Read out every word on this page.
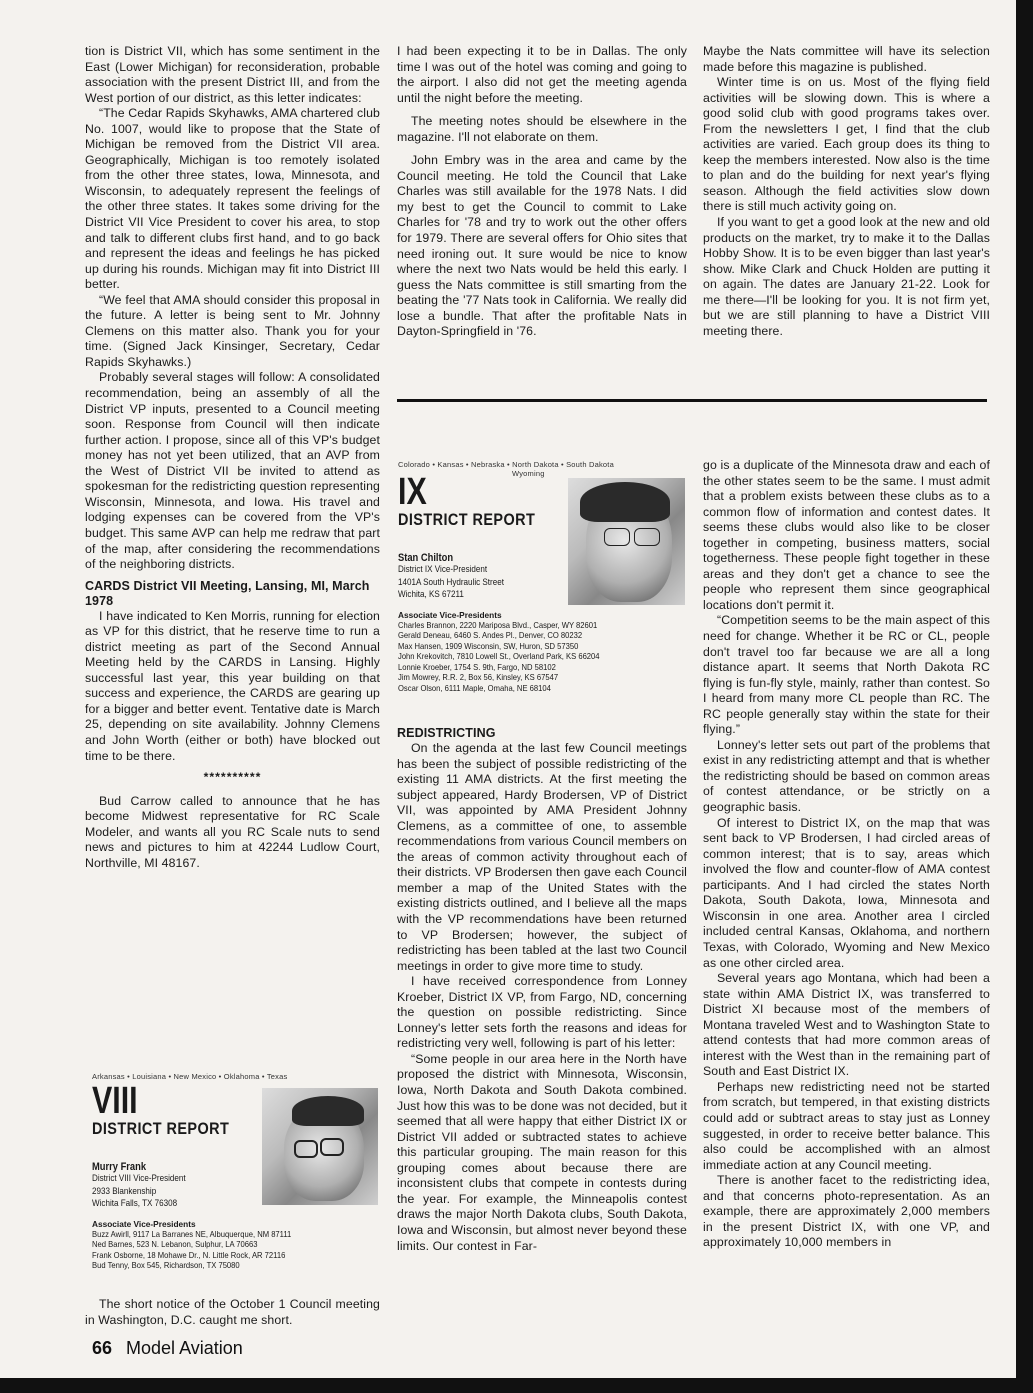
tion is District VII, which has some sentiment in the East (Lower Michigan) for reconsideration, probable association with the present District III, and from the West portion of our district, as this letter indicates:

“The Cedar Rapids Skyhawks, AMA chartered club No. 1007, would like to propose that the State of Michigan be removed from the District VII area. Geographically, Michigan is too remotely isolated from the other three states, Iowa, Minnesota, and Wisconsin, to adequately represent the feelings of the other three states. It takes some driving for the District VII Vice President to cover his area, to stop and talk to different clubs first hand, and to go back and represent the ideas and feelings he has picked up during his rounds. Michigan may fit into District III better.

“We feel that AMA should consider this proposal in the future. A letter is being sent to Mr. Johnny Clemens on this matter also. Thank you for your time. (Signed Jack Kinsinger, Secretary, Cedar Rapids Skyhawks.)

Probably several stages will follow: A consolidated recommendation, being an assembly of all the District VP inputs, presented to a Council meeting soon. Response from Council will then indicate further action. I propose, since all of this VP's budget money has not yet been utilized, that an AVP from the West of District VII be invited to attend as spokesman for the redistricting question representing Wisconsin, Minnesota, and Iowa. His travel and lodging expenses can be covered from the VP's budget. This same AVP can help me redraw that part of the map, after considering the recommendations of the neighboring districts.

CARDS District VII Meeting, Lansing, MI, March 1978

I have indicated to Ken Morris, running for election as VP for this district, that he reserve time to run a district meeting as part of the Second Annual Meeting held by the CARDS in Lansing. Highly successful last year, this year building on that success and experience, the CARDS are gearing up for a bigger and better event. Tentative date is March 25, depending on site availability. Johnny Clemens and John Worth (either or both) have blocked out time to be there.

**********

Bud Carrow called to announce that he has become Midwest representative for RC Scale Modeler, and wants all you RC Scale nuts to send news and pictures to him at 42244 Ludlow Court, Northville, MI 48167.

Arkansas • Louisiana • New Mexico • Oklahoma • Texas
VIII
DISTRICT REPORT
Murry Frank
District VIII Vice-President
2933 Blankenship
Wichita Falls, TX 76308
Associate Vice-Presidents
Buzz Awirll, 9117 La Barranes NE, Albuquerque, NM 87111
Ned Barnes, 523 N. Lebanon, Sulphur, LA 70663
Frank Osborne, 18 Mohawe Dr., N. Little Rock, AR 72116
Bud Tenny, Box 545, Richardson, TX 75080

The short notice of the October 1 Council meeting in Washington, D.C. caught me short.

I had been expecting it to be in Dallas. The only time I was out of the hotel was coming and going to the airport. I also did not get the meeting agenda until the night before the meeting.

The meeting notes should be elsewhere in the magazine. I'll not elaborate on them.

John Embry was in the area and came by the Council meeting. He told the Council that Lake Charles was still available for the 1978 Nats. I did my best to get the Council to commit to Lake Charles for '78 and try to work out the other offers for 1979. There are several offers for Ohio sites that need ironing out. It sure would be nice to know where the next two Nats would be held this early. I guess the Nats committee is still smarting from the beating the '77 Nats took in California. We really did lose a bundle. That after the profitable Nats in Dayton-Springfield in '76.

Maybe the Nats committee will have its selection made before this magazine is published.

Winter time is on us. Most of the flying field activities will be slowing down. This is where a good solid club with good programs takes over. From the newsletters I get, I find that the club activities are varied. Each group does its thing to keep the members interested. Now also is the time to plan and do the building for next year's flying season. Although the field activities slow down there is still much activity going on.

If you want to get a good look at the new and old products on the market, try to make it to the Dallas Hobby Show. It is to be even bigger than last year's show. Mike Clark and Chuck Holden are putting it on again. The dates are January 21-22. Look for me there—I'll be looking for you. It is not firm yet, but we are still planning to have a District VIII meeting there.

Colorado • Kansas • Nebraska • North Dakota • South Dakota
Wyoming
IX
DISTRICT REPORT
Stan Chilton
District IX Vice-President
1401A South Hydraulic Street
Wichita, KS 67211
Associate Vice-Presidents
Charles Brannon, 2220 Mariposa Blvd., Casper, WY 82601
Gerald Deneau, 6460 S. Andes Pl., Denver, CO 80232
Max Hansen, 1909 Wisconsin, SW, Huron, SD 57350
John Krekovitch, 7810 Lowell St., Overland Park, KS 66204
Lonnie Kroeber, 1754 S. 9th, Fargo, ND 58102
Jim Mowrey, R.R. 2, Box 56, Kinsley, KS 67547
Oscar Olson, 6111 Maple, Omaha, NE 68104
REDISTRICTING

On the agenda at the last few Council meetings has been the subject of possible redistricting of the existing 11 AMA districts. At the first meeting the subject appeared, Hardy Brodersen, VP of District VII, was appointed by AMA President Johnny Clemens, as a committee of one, to assemble recommendations from various Council members on the areas of common activity throughout each of their districts. VP Brodersen then gave each Council member a map of the United States with the existing districts outlined, and I believe all the maps with the VP recommendations have been returned to VP Brodersen; however, the subject of redistricting has been tabled at the last two Council meetings in order to give more time to study.

I have received correspondence from Lonney Kroeber, District IX VP, from Fargo, ND, concerning the question on possible redistricting. Since Lonney's letter sets forth the reasons and ideas for redistricting very well, following is part of his letter:

“Some people in our area here in the North have proposed the district with Minnesota, Wisconsin, Iowa, North Dakota and South Dakota combined. Just how this was to be done was not decided, but it seemed that all were happy that either District IX or District VII added or subtracted states to achieve this particular grouping. The main reason for this grouping comes about because there are inconsistent clubs that compete in contests during the year. For example, the Minneapolis contest draws the major North Dakota clubs, South Dakota, Iowa and Wisconsin, but almost never beyond these limits. Our contest in Far-

go is a duplicate of the Minnesota draw and each of the other states seem to be the same. I must admit that a problem exists between these clubs as to a common flow of information and contest dates. It seems these clubs would also like to be closer together in competing, business matters, social togetherness. These people fight together in these areas and they don't get a chance to see the people who represent them since geographical locations don't permit it.

“Competition seems to be the main aspect of this need for change. Whether it be RC or CL, people don't travel too far because we are all a long distance apart. It seems that North Dakota RC flying is fun-fly style, mainly, rather than contest. So I heard from many more CL people than RC. The RC people generally stay within the state for their flying.”

Lonney's letter sets out part of the problems that exist in any redistricting attempt and that is whether the redistricting should be based on common areas of contest attendance, or be strictly on a geographic basis.

Of interest to District IX, on the map that was sent back to VP Brodersen, I had circled areas of common interest; that is to say, areas which involved the flow and counter-flow of AMA contest participants. And I had circled the states North Dakota, South Dakota, Iowa, Minnesota and Wisconsin in one area. Another area I circled included central Kansas, Oklahoma, and northern Texas, with Colorado, Wyoming and New Mexico as one other circled area.

Several years ago Montana, which had been a state within AMA District IX, was transferred to District XI because most of the members of Montana traveled West and to Washington State to attend contests that had more common areas of interest with the West than in the remaining part of South and East District IX.

Perhaps new redistricting need not be started from scratch, but tempered, in that existing districts could add or subtract areas to stay just as Lonney suggested, in order to receive better balance. This also could be accomplished with an almost immediate action at any Council meeting.

There is another facet to the redistricting idea, and that concerns photo-representation. As an example, there are approximately 2,000 members in the present District IX, with one VP, and approximately 10,000 members in

66 Model Aviation
